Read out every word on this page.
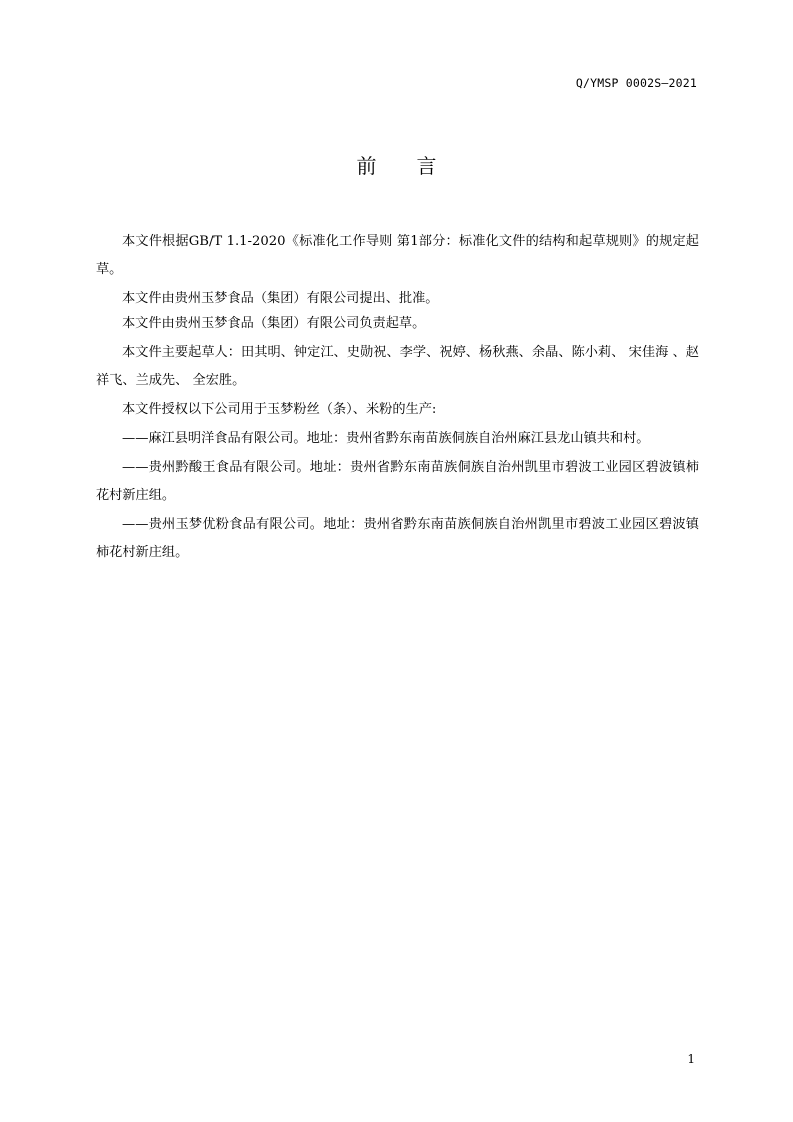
Q/YMSP 0002S—2021
前言

本文件根据GB/T 1.1-2020《标准化工作导则 第1部分：标准化文件的结构和起草规则》的规定起草。

本文件由贵州玉梦食品（集团）有限公司提出、批准。

本文件由贵州玉梦食品（集团）有限公司负责起草。

本文件主要起草人：田其明、钟定江、史勋祝、李学、祝婷、杨秋燕、余晶、陈小莉、 宋佳海 、赵祥飞、兰成先、 全宏胜。

本文件授权以下公司用于玉梦粉丝（条）、米粉的生产:

——麻江县明洋食品有限公司。地址：贵州省黔东南苗族侗族自治州麻江县龙山镇共和村。

——贵州黔酸王食品有限公司。地址：贵州省黔东南苗族侗族自治州凯里市碧波工业园区碧波镇柿花村新庄组。

——贵州玉梦优粉食品有限公司。地址：贵州省黔东南苗族侗族自治州凯里市碧波工业园区碧波镇柿花村新庄组。

1
